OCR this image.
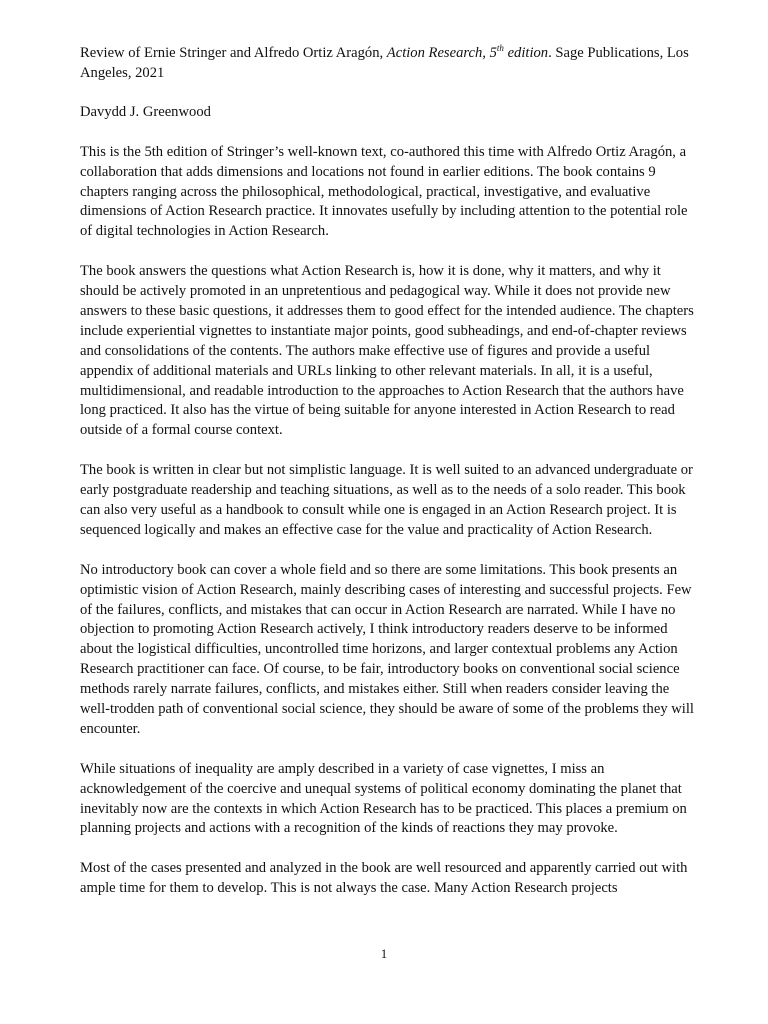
Review of Ernie Stringer and Alfredo Ortiz Aragón, Action Research, 5th edition. Sage Publications, Los Angeles, 2021

Davydd J. Greenwood

This is the 5th edition of Stringer’s well-known text, co-authored this time with Alfredo Ortiz Aragón, a collaboration that adds dimensions and locations not found in earlier editions. The book contains 9 chapters ranging across the philosophical, methodological, practical, investigative, and evaluative dimensions of Action Research practice. It innovates usefully by including attention to the potential role of digital technologies in Action Research.

The book answers the questions what Action Research is, how it is done, why it matters, and why it should be actively promoted in an unpretentious and pedagogical way. While it does not provide new answers to these basic questions, it addresses them to good effect for the intended audience. The chapters include experiential vignettes to instantiate major points, good subheadings, and end-of-chapter reviews and consolidations of the contents. The authors make effective use of figures and provide a useful appendix of additional materials and URLs linking to other relevant materials. In all, it is a useful, multidimensional, and readable introduction to the approaches to Action Research that the authors have long practiced. It also has the virtue of being suitable for anyone interested in Action Research to read outside of a formal course context.

The book is written in clear but not simplistic language. It is well suited to an advanced undergraduate or early postgraduate readership and teaching situations, as well as to the needs of a solo reader. This book can also very useful as a handbook to consult while one is engaged in an Action Research project. It is sequenced logically and makes an effective case for the value and practicality of Action Research.

No introductory book can cover a whole field and so there are some limitations. This book presents an optimistic vision of Action Research, mainly describing cases of interesting and successful projects. Few of the failures, conflicts, and mistakes that can occur in Action Research are narrated. While I have no objection to promoting Action Research actively, I think introductory readers deserve to be informed about the logistical difficulties, uncontrolled time horizons, and larger contextual problems any Action Research practitioner can face. Of course, to be fair, introductory books on conventional social science methods rarely narrate failures, conflicts, and mistakes either. Still when readers consider leaving the well-trodden path of conventional social science, they should be aware of some of the problems they will encounter.

While situations of inequality are amply described in a variety of case vignettes, I miss an acknowledgement of the coercive and unequal systems of political economy dominating the planet that inevitably now are the contexts in which Action Research has to be practiced. This places a premium on planning projects and actions with a recognition of the kinds of reactions they may provoke.

Most of the cases presented and analyzed in the book are well resourced and apparently carried out with ample time for them to develop. This is not always the case. Many Action Research projects

1
